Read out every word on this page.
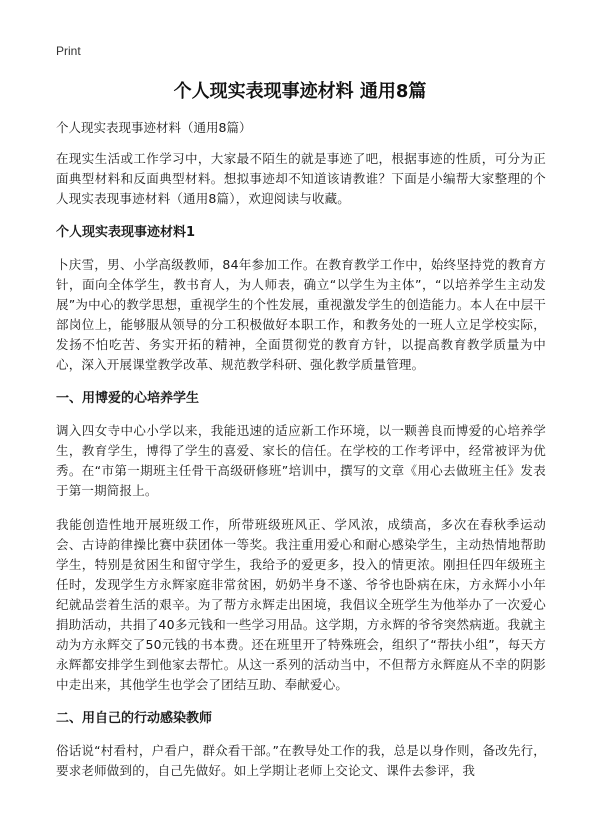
Print
个人现实表现事迹材料 通用8篇
个人现实表现事迹材料（通用8篇）

在现实生活或工作学习中，大家最不陌生的就是事迹了吧，根据事迹的性质，可分为正面典型材料和反面典型材料。想拟事迹却不知道该请教谁？下面是小编帮大家整理的个人现实表现事迹材料（通用8篇），欢迎阅读与收藏。

个人现实表现事迹材料1

卜庆雪，男、小学高级教师，84年参加工作。在教育教学工作中，始终坚持党的教育方针，面向全体学生，教书育人，为人师表，确立“以学生为主体”，“以培养学生主动发展”为中心的教学思想，重视学生的个性发展，重视激发学生的创造能力。本人在中层干部岗位上，能够服从领导的分工积极做好本职工作，和教务处的一班人立足学校实际，发扬不怕吃苦、务实开拓的精神，全面贯彻党的教育方针，以提高教育教学质量为中心，深入开展课堂教学改革、规范教学科研、强化教学质量管理。

一、用博爱的心培养学生

调入四女寺中心小学以来，我能迅速的适应新工作环境，以一颗善良而博爱的心培养学生，教育学生，博得了学生的喜爱、家长的信任。在学校的工作考评中，经常被评为优秀。在“市第一期班主任骨干高级研修班”培训中，撰写的文章《用心去做班主任》发表于第一期简报上。

我能创造性地开展班级工作，所带班级班风正、学风浓，成绩高，多次在春秋季运动会、古诗韵律操比赛中获团体一等奖。我注重用爱心和耐心感染学生，主动热情地帮助学生，特别是贫困生和留守学生，我给予的爱更多，投入的情更浓。刚担任四年级班主任时，发现学生方永辉家庭非常贫困，奶奶半身不遂、爷爷也卧病在床，方永辉小小年纪就品尝着生活的艰辛。为了帮方永辉走出困境，我倡议全班学生为他举办了一次爱心捐助活动，共捐了40多元钱和一些学习用品。这学期，方永辉的爷爷突然病逝。我就主动为方永辉交了50元钱的书本费。还在班里开了特殊班会，组织了“帮扶小组”，每天方永辉都安排学生到他家去帮忙。从这一系列的活动当中，不但帮方永辉庭从不幸的阴影中走出来，其他学生也学会了团结互助、奉献爱心。

二、用自己的行动感染教师

俗话说“村看村，户看户，群众看干部。”在教导处工作的我，总是以身作则，备改先行，要求老师做到的，自己先做好。如上学期让老师上交论文、课件去参评，我
